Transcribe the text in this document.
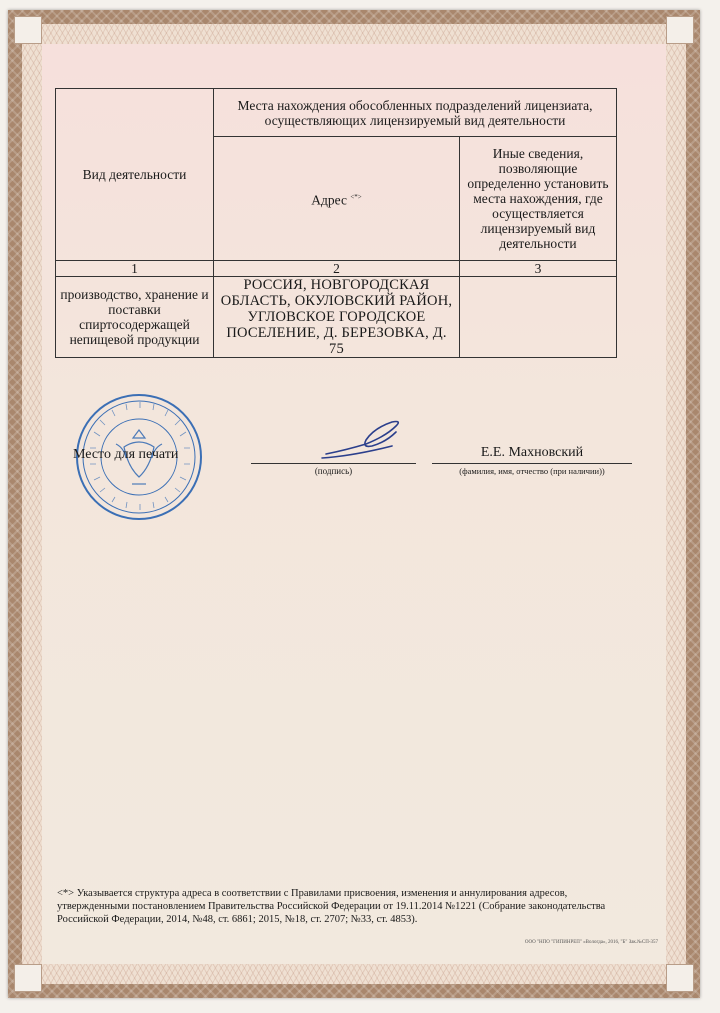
Вид деятельности	Места нахождения обособленных подразделений лицензиата, осуществляющих лицензируемый вид деятельности	
	Адрес <*>	Иные сведения, позволяющие определенно установить места нахождения, где осуществляется лицензируемый вид деятельности
1	2	3
производство, хранение и поставки спиртосодержащей непищевой продукции	РОССИЯ, НОВГОРОДСКАЯ ОБЛАСТЬ, ОКУЛОВСКИЙ РАЙОН, УГЛОВСКОЕ ГОРОДСКОЕ ПОСЕЛЕНИЕ, Д. БЕРЕЗОВКА, Д. 75	
Место для печати
(подпись)
Е.Е. Махновский
(фамилия, имя, отчество (при наличии))
<*> Указывается структура адреса в соответствии с Правилами присвоения, изменения и аннулирования адресов, утвержденными постановлением Правительства Российской Федерации от 19.11.2014 №1221 (Собрание законодательства Российской Федерации, 2014, №48, ст. 6861; 2015, №18, ст. 2707; №33, ст. 4853).
ООО "НПО "ГИПИНРЕП" «Вологда», 2016, "Б" Зак.№СП-357
